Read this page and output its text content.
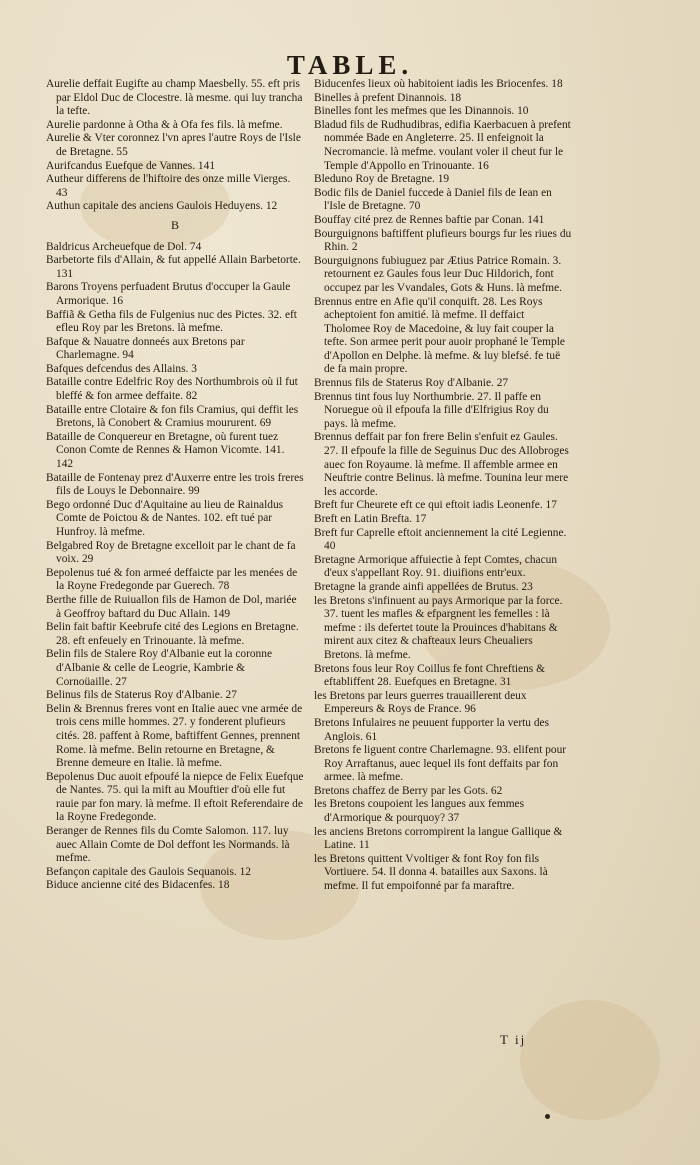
TABLE.

Aurelie deffait Eugifte au champ Maesbelly. 55. eft pris par Eldol Duc de Clocestre. là mesme. qui luy trancha la tefte.

Aurelie pardonne à Otha & à Ofa fes fils. là mefme.

Aurelie & Vter coronnez l'vn apres l'autre Roys de l'Isle de Bretagne. 55

Aurifcandus Euefque de Vannes. 141

Autheur differens de l'hiftoire des onze mille Vierges. 43

Authun capitale des anciens Gaulois Heduyens. 12

B

Baldricus Archeuefque de Dol. 74

Barbetorte fils d'Allain, & fut appellé Allain Barbetorte. 131

Barons Troyens perfuadent Brutus d'occuper la Gaule Armorique. 16

Baffiã & Getha fils de Fulgenius nuc des Pictes. 32. eft efleu Roy par les Bretons. là mefme.

Bafque & Nauatre donneés aux Bretons par Charlemagne. 94

Bafques defcendus des Allains. 3

Bataille contre Edelfric Roy des Northumbrois où il fut bleffé & fon armee deffaite. 82

Bataille entre Clotaire & fon fils Cramius, qui deffit les Bretons, là Conobert & Cramius moururent. 69

Bataille de Conquereur en Bretagne, où furent tuez Conon Comte de Rennes & Hamon Vicomte. 141. 142

Bataille de Fontenay prez d'Auxerre entre les trois freres fils de Louys le Debonnaire. 99

Bego ordonné Duc d'Aquitaine au lieu de Rainaldus Comte de Poictou & de Nantes. 102. eft tué par Hunfroy. là mefme.

Belgabred Roy de Bretagne excelloit par le chant de fa voix. 29

Bepolenus tué & fon armeé deffaicte par les menées de la Royne Fredegonde par Guerech. 78

Berthe fille de Ruiuallon fils de Hamon de Dol, mariée à Geoffroy baftard du Duc Allain. 149

Belin fait baftir Keebrufe cité des Legions en Bretagne. 28. eft enfeuely en Trinouante. là mefme.

Belin fils de Stalere Roy d'Albanie eut la coronne d'Albanie & celle de Leogrie, Kambrie & Cornoüaille. 27

Belinus fils de Staterus Roy d'Albanie. 27

Belin & Brennus freres vont en Italie auec vne armée de trois cens mille hommes. 27. y fonderent plufieurs cités. 28. paffent à Rome, baftiffent Gennes, prennent Rome. là mefme. Belin retourne en Bretagne, & Brenne demeure en Italie. là mefme.

Bepolenus Duc auoit efpoufé la niepce de Felix Euefque de Nantes. 75. qui la mift au Mouftier d'où elle fut rauie par fon mary. là mefme. Il eftoit Referendaire de la Royne Fredegonde.

Beranger de Rennes fils du Comte Salomon. 117. luy auec Allain Comte de Dol deffont les Normands. là mefme.

Befançon capitale des Gaulois Sequanois. 12

Biduce ancienne cité des Bidacenfes. 18

Biducenfes lieux où habitoient iadis les Briocenfes. 18

Binelles à prefent Dinannois. 18

Binelles font les mefmes que les Dinannois. 10

Bladud fils de Rudhudibras, edifia Kaerbacuen à prefent nommée Bade en Angleterre. 25. Il enfeignoit la Necromancie. là mefme. voulant voler il cheut fur le Temple d'Appollo en Trinouante. 16

Bleduno Roy de Bretagne. 19

Bodic fils de Daniel fuccede à Daniel fils de Iean en l'Isle de Bretagne. 70

Bouffay cité prez de Rennes baftie par Conan. 141

Bourguignons baftiffent plufieurs bourgs fur les riues du Rhin. 2

Bourguignons fubiuguez par Ætius Patrice Romain. 3. retournent ez Gaules fous leur Duc Hildorich, font occupez par les Vvandales, Gots & Huns. là mefme.

Brennus entre en Afie qu'il conquift. 28. Les Roys acheptoient fon amitié. là mefme. Il deffaict Tholomee Roy de Macedoine, & luy fait couper la tefte. Son armee perit pour auoir prophané le Temple d'Apollon en Delphe. là mefme. & luy blefsé. fe tuë de fa main propre.

Brennus fils de Staterus Roy d'Albanie. 27

Brennus tint fous luy Northumbrie. 27. Il paffe en Noruegue où il efpoufa la fille d'Elfrigius Roy du pays. là mefme.

Brennus deffait par fon frere Belin s'enfuit ez Gaules. 27. Il efpoufe la fille de Seguinus Duc des Allobroges auec fon Royaume. là mefme. Il affemble armee en Neuftrie contre Belinus. là mefme. Tounina leur mere les accorde.

Breft fur Cheurete eft ce qui eftoit iadis Leonenfe. 17

Breft en Latin Brefta. 17

Breft fur Caprelle eftoit anciennement la cité Legienne. 40

Bretagne Armorique affuiectie à fept Comtes, chacun d'eux s'appellant Roy. 91. diuifions entr'eux.

Bretagne la grande ainfi appellées de Brutus. 23

les Bretons s'infinuent au pays Armorique par la force. 37. tuent les mafles & efpargnent les femelles : là mefme : ils defertet toute la Prouinces d'habitans & mirent aux citez & chafteaux leurs Cheualiers Bretons. là mefme.

Bretons fous leur Roy Coillus fe font Chreftiens & eftabliffent 28. Euefques en Bretagne. 31

les Bretons par leurs guerres trauaillerent deux Empereurs & Roys de France. 96

Bretons Infulaires ne peuuent fupporter la vertu des Anglois. 61

Bretons fe liguent contre Charlemagne. 93. elifent pour Roy Arraftanus, auec lequel ils font deffaits par fon armee. là mefme.

Bretons chaffez de Berry par les Gots. 62

les Bretons coupoient les langues aux femmes d'Armorique & pourquoy? 37

les anciens Bretons corrompirent la langue Gallique & Latine. 11

les Bretons quittent Vvoltiger & font Roy fon fils Vortiuere. 54. Il donna 4. batailles aux Saxons. là mefme. Il fut empoifonné par fa maraftre.

T ij
